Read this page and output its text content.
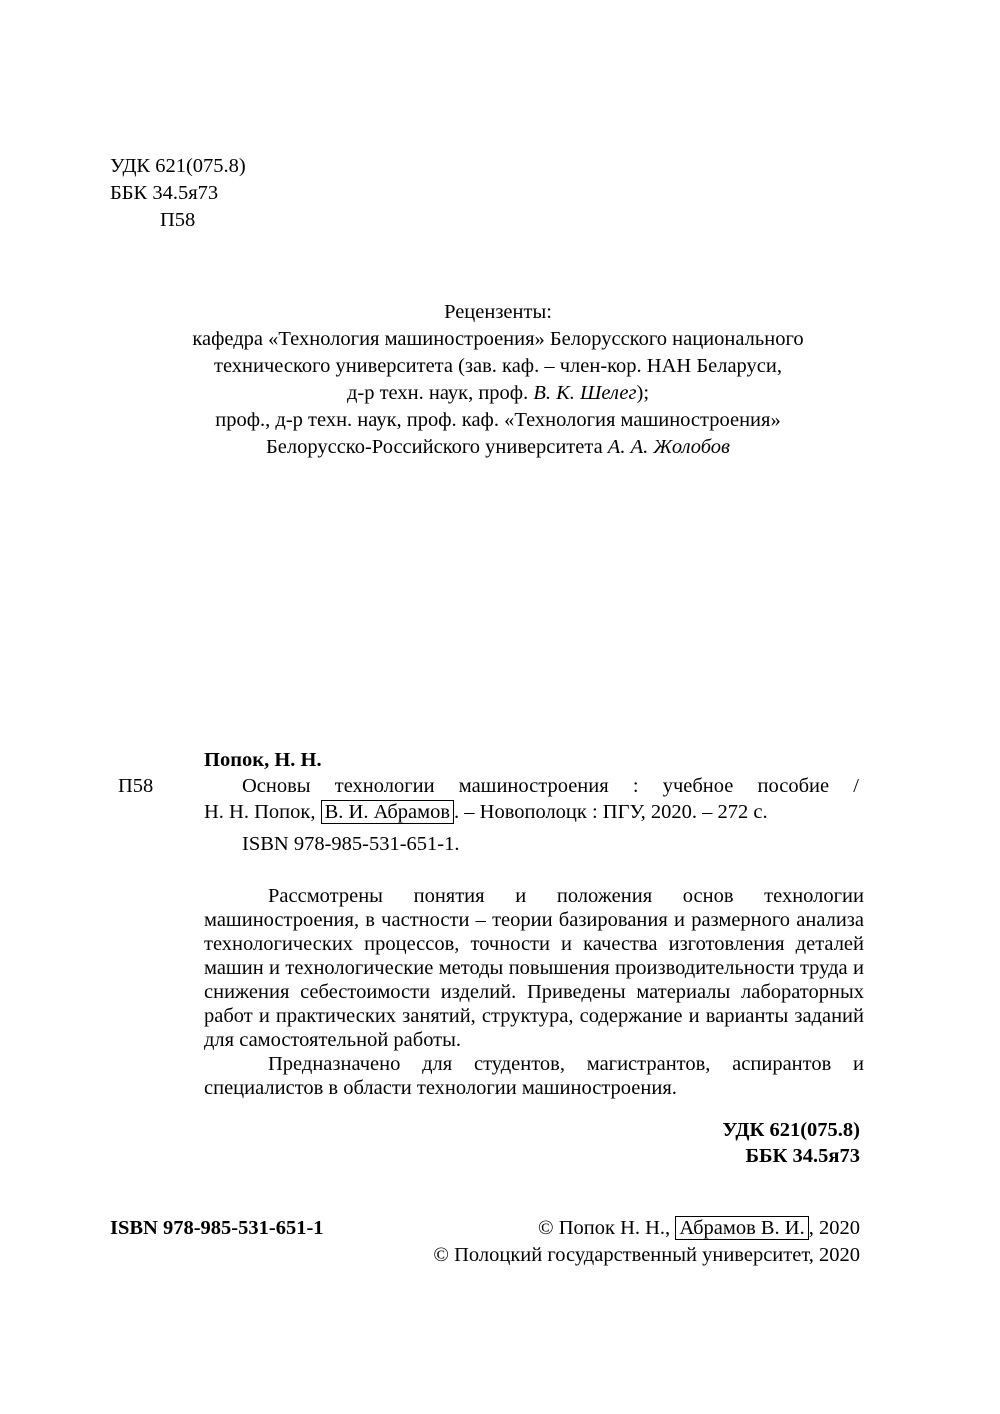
УДК 621(075.8)
ББК 34.5я73
П58
Рецензенты:
кафедра «Технология машиностроения» Белорусского национального
технического университета (зав. каф. – член-кор. НАН Беларуси,
д-р техн. наук, проф. В. К. Шелег);
проф., д-р техн. наук, проф. каф. «Технология машиностроения»
Белорусско-Российского университета А. А. Жолобов
Попок, Н. Н.
П58	Основы технологии машиностроения : учебное пособие /
Н. Н. Попок, В. И. Абрамов . – Новополоцк : ПГУ, 2020. – 272 с.
ISBN 978-985-531-651-1.

Рассмотрены понятия и положения основ технологии машиностроения, в частности – теории базирования и размерного анализа технологических процессов, точности и качества изготовления деталей машин и технологические методы повышения производительности труда и снижения себестоимости изделий. Приведены материалы лабораторных работ и практических занятий, структура, содержание и варианты заданий для самостоятельной работы.

Предназначено для студентов, магистрантов, аспирантов и специалистов в области технологии машиностроения.

УДК 621(075.8)
ББК 34.5я73
ISBN 978-985-531-651-1	© Попок Н. Н., Абрамов В. И. , 2020
© Полоцкий государственный университет, 2020
